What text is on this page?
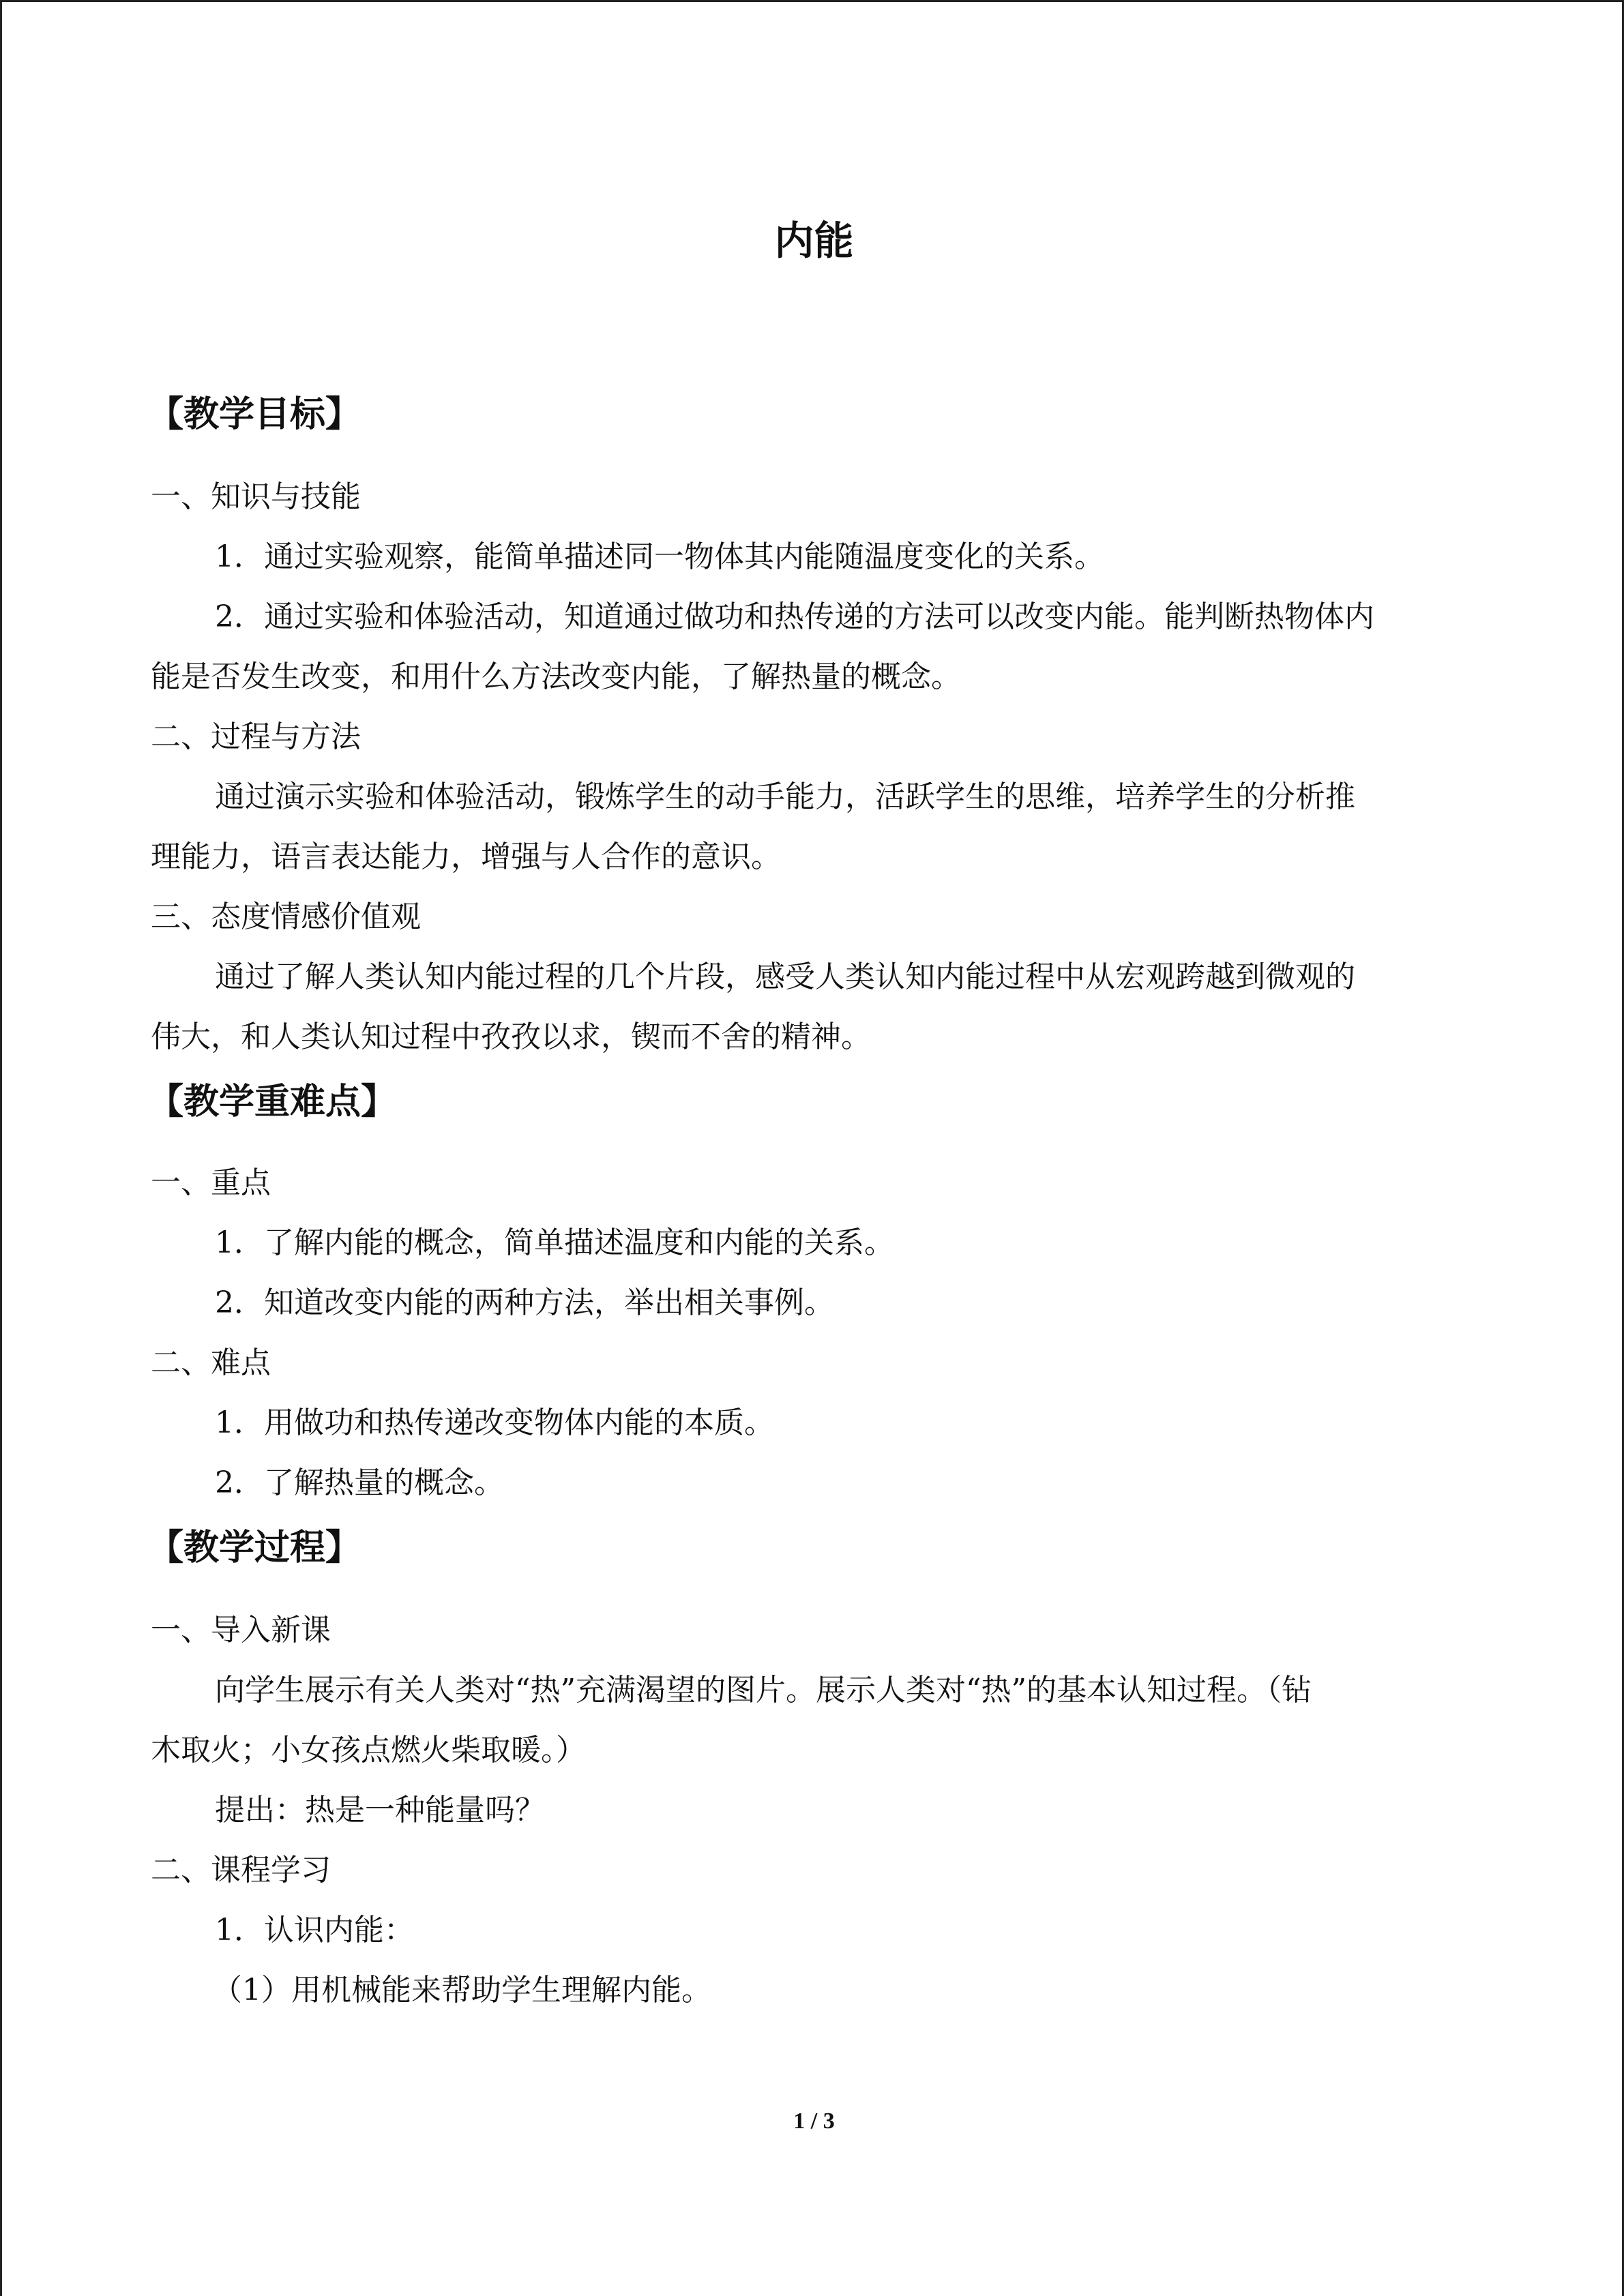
内能
【教学目标】
一、知识与技能
1．通过实验观察，能简单描述同一物体其内能随温度变化的关系。
2．通过实验和体验活动，知道通过做功和热传递的方法可以改变内能。能判断热物体内
能是否发生改变，和用什么方法改变内能，了解热量的概念。
二、过程与方法
通过演示实验和体验活动，锻炼学生的动手能力，活跃学生的思维，培养学生的分析推
理能力，语言表达能力，增强与人合作的意识。
三、态度情感价值观
通过了解人类认知内能过程的几个片段，感受人类认知内能过程中从宏观跨越到微观的
伟大，和人类认知过程中孜孜以求，锲而不舍的精神。
【教学重难点】
一、重点
1．了解内能的概念，简单描述温度和内能的关系。
2．知道改变内能的两种方法，举出相关事例。
二、难点
1．用做功和热传递改变物体内能的本质。
2．了解热量的概念。
【教学过程】
一、导入新课
向学生展示有关人类对“热”充满渴望的图片。展示人类对“热”的基本认知过程。（钻
木取火；小女孩点燃火柴取暖。）
提出：热是一种能量吗？
二、课程学习
1．认识内能：
（1）用机械能来帮助学生理解内能。
1 / 3
